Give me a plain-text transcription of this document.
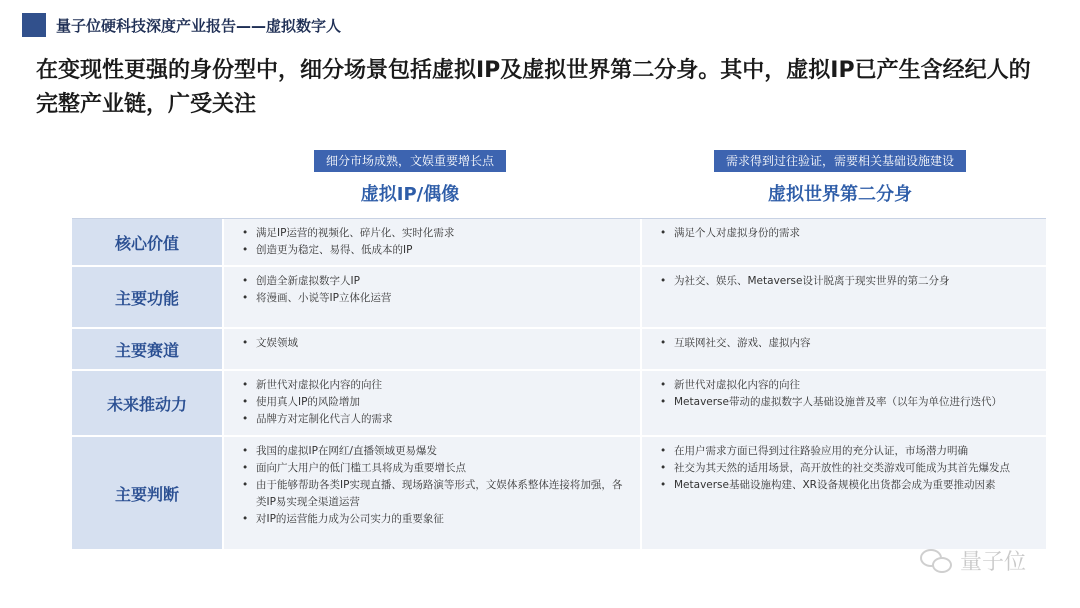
量子位硬科技深度产业报告——虚拟数字人
在变现性更强的身份型中，细分场景包括虚拟IP及虚拟世界第二分身。其中，虚拟IP已产生含经纪人的完整产业链，广受关注
细分市场成熟，文娱重要增长点
虚拟IP/偶像
需求得到过往验证，需要相关基础设施建设
虚拟世界第二分身
核心价值
• 满足IP运营的视频化、碎片化、实时化需求
• 创造更为稳定、易得、低成本的IP
• 满足个人对虚拟身份的需求
主要功能
• 创造全新虚拟数字人IP
• 将漫画、小说等IP立体化运营
• 为社交、娱乐、Metaverse设计脱离于现实世界的第二分身
主要赛道	• 文娱领域	• 互联网社交、游戏、虚拟内容
未来推动力
• 新世代对虚拟化内容的向往
• 使用真人IP的风险增加
• 品牌方对定制化代言人的需求
• 新世代对虚拟化内容的向往
• Metaverse带动的虚拟数字人基础设施普及率（以年为单位进行迭代）
主要判断
• 我国的虚拟IP在网红/直播领域更易爆发
• 面向广大用户的低门槛工具将成为重要增长点
• 由于能够帮助各类IP实现直播、现场路演等形式，文娱体系整体连接将加强，各类IP易实现全渠道运营
• 对IP的运营能力成为公司实力的重要象征
• 在用户需求方面已得到过往路验应用的充分认证，市场潜力明确
• 社交为其天然的适用场景，高开放性的社交类游戏可能成为其首先爆发点
• Metaverse基础设施构建、XR设备规模化出货都会成为重要推动因素
量子位
